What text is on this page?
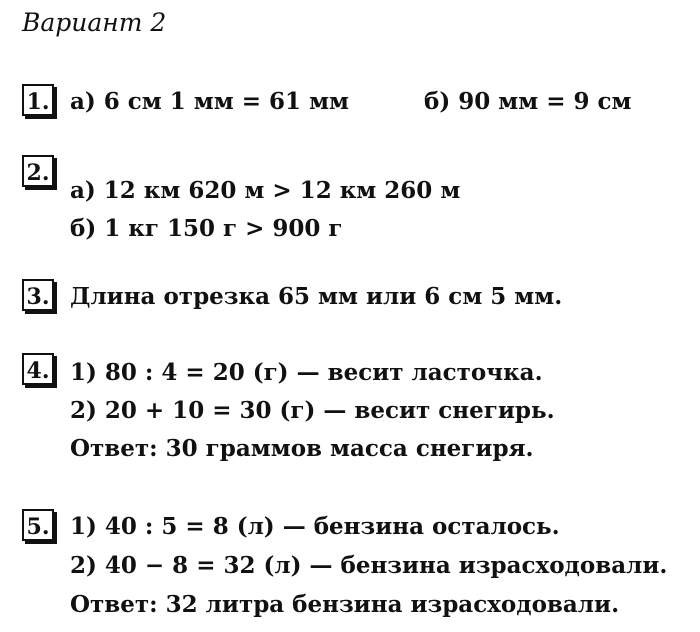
Вариант 2
1. а) 6 см 1 мм = 61 мм	б) 90 мм = 9 см
2.
а) 12 км 620 м > 12 км 260 м
б) 1 кг 150 г > 900 г
3. Длина отрезка 65 мм или 6 см 5 мм.
4. 1) 80 : 4 = 20 (г) — весит ласточка.
2) 20 + 10 = 30 (г) — весит снегирь.
Ответ: 30 граммов масса снегиря.
5. 1) 40 : 5 = 8 (л) — бензина осталось.
2) 40 − 8 = 32 (л) — бензина израсходовали.
Ответ: 32 литра бензина израсходовали.
